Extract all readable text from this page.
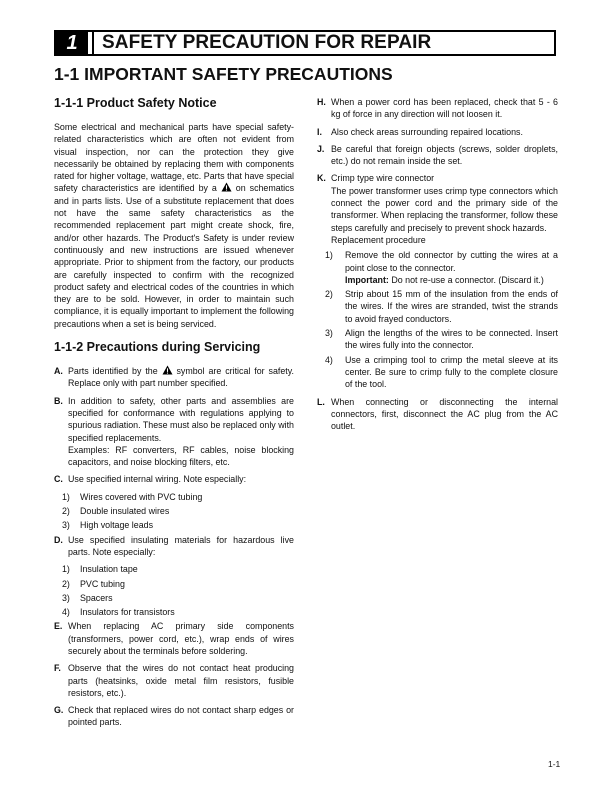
1	SAFETY PRECAUTION FOR REPAIR
1-1 IMPORTANT SAFETY PRECAUTIONS
1-1-1 Product Safety Notice

Some electrical and mechanical parts have special safety-related characteristics which are often not evident from visual inspection, nor can the protection they give necessarily be obtained by replacing them with components rated for higher voltage, wattage, etc. Parts that have special safety characteristics are identified by a on schematics and in parts lists. Use of a substitute replacement that does not have the same safety characteristics as the recommended replacement part might create shock, fire, and/or other hazards. The Product's Safety is under review continuously and new instructions are issued whenever appropriate. Prior to shipment from the factory, our products are carefully inspected to confirm with the recognized product safety and electrical codes of the countries in which they are to be sold. However, in order to maintain such compliance, it is equally important to implement the following precautions when a set is being serviced.

1-1-2 Precautions during Servicing
A. Parts identified by the symbol are critical for safety. Replace only with part number specified.
B. In addition to safety, other parts and assemblies are specified for conformance with regulations applying to spurious radiation. These must also be replaced only with specified replacements.
Examples: RF converters, RF cables, noise blocking capacitors, and noise blocking filters, etc.
C. Use specified internal wiring. Note especially:
1)	Wires covered with PVC tubing
2)	Double insulated wires
3)	High voltage leads
D. Use specified insulating materials for hazardous live parts. Note especially:
1)	Insulation tape
2)	PVC tubing
3)	Spacers
4)	Insulators for transistors
E. When replacing AC primary side components (transformers, power cord, etc.), wrap ends of wires securely about the terminals before soldering.
F. Observe that the wires do not contact heat producing parts (heatsinks, oxide metal film resistors, fusible resistors, etc.).
G. Check that replaced wires do not contact sharp edges or pointed parts.
H. When a power cord has been replaced, check that 5 - 6 kg of force in any direction will not loosen it.
I.	Also check areas surrounding repaired locations.
J. Be careful that foreign objects (screws, solder droplets, etc.) do not remain inside the set.
K. Crimp type wire connector
The power transformer uses crimp type connectors which connect the power cord and the primary side of the transformer. When replacing the transformer, follow these steps carefully and precisely to prevent shock hazards.
Replacement procedure
1)	Remove the old connector by cutting the wires at a point close to the connector.
Important: Do not re-use a connector. (Discard it.)
2)	Strip about 15 mm of the insulation from the ends of the wires. If the wires are stranded, twist the strands to avoid frayed conductors.
3)	Align the lengths of the wires to be connected. Insert the wires fully into the connector.
4)	Use a crimping tool to crimp the metal sleeve at its center. Be sure to crimp fully to the complete closure of the tool.
L. When connecting or disconnecting the internal connectors, first, disconnect the AC plug from the AC outlet.
1-1
